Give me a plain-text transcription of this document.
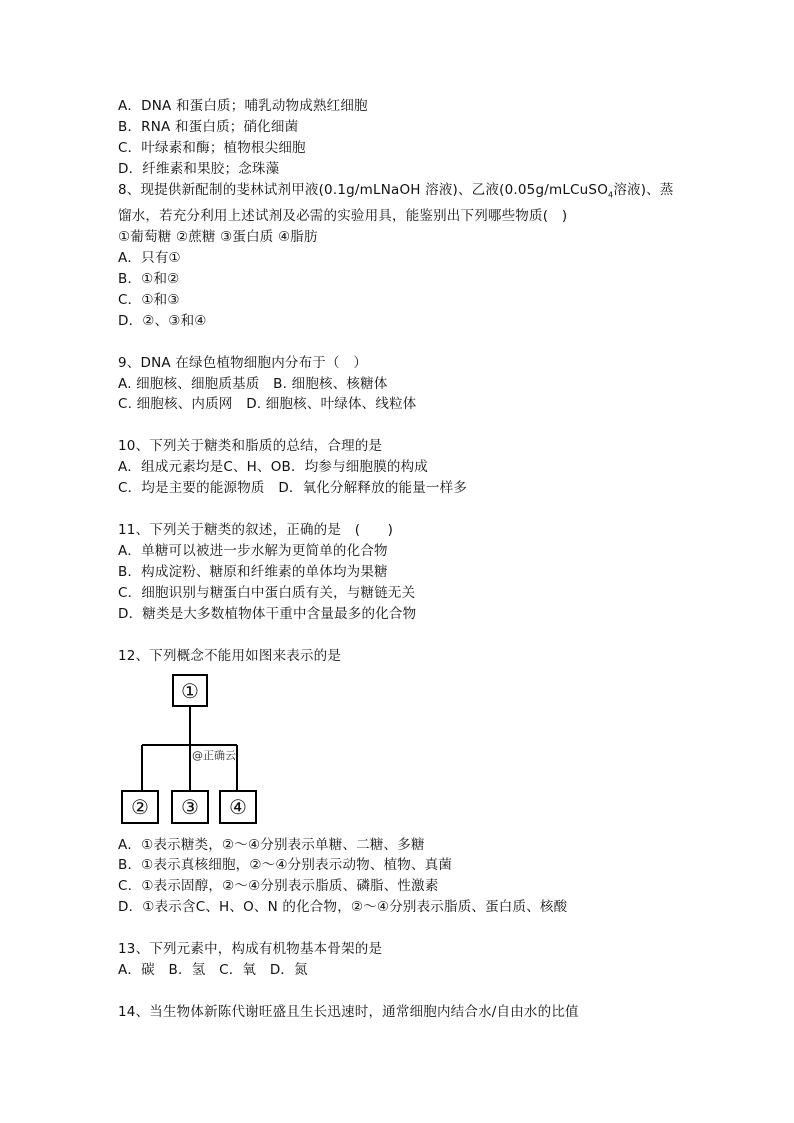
A．DNA 和蛋白质；哺乳动物成熟红细胞
B．RNA 和蛋白质；硝化细菌
C．叶绿素和酶；植物根尖细胞
D．纤维素和果胶；念珠藻
8、现提供新配制的斐林试剂甲液(0.1g/mLNaOH 溶液)、乙液(0.05g/mLCuSO$_4$溶液)、蒸
馏水，若充分利用上述试剂及必需的实验用具，能鉴别出下列哪些物质(　)
①葡萄糖 ②蔗糖 ③蛋白质 ④脂肪
A．只有①
B．①和②
C．①和③
D．②、③和④
9、DNA 在绿色植物细胞内分布于（　）
A. 细胞核、细胞质基质　B. 细胞核、核糖体
C. 细胞核、内质网　D. 细胞核、叶绿体、线粒体
10、下列关于糖类和脂质的总结，合理的是
A．组成元素均是C、H、OB．均参与细胞膜的构成
C．均是主要的能源物质　D．氧化分解释放的能量一样多
11、下列关于糖类的叙述，正确的是　(　　)
A．单糖可以被进一步水解为更简单的化合物
B．构成淀粉、糖原和纤维素的单体均为果糖
C．细胞识别与糖蛋白中蛋白质有关，与糖链无关
D．糖类是大多数植物体干重中含量最多的化合物
12、下列概念不能用如图来表示的是
①
②	③	④
@正确云
A．①表示糖类，②～④分别表示单糖、二糖、多糖
B．①表示真核细胞，②～④分别表示动物、植物、真菌
C．①表示固醇，②～④分别表示脂质、磷脂、性激素
D．①表示含C、H、O、N 的化合物，②～④分别表示脂质、蛋白质、核酸
13、下列元素中，构成有机物基本骨架的是
A．碳　B．氢　C．氧　D．氮
14、当生物体新陈代谢旺盛且生长迅速时，通常细胞内结合水/自由水的比值
